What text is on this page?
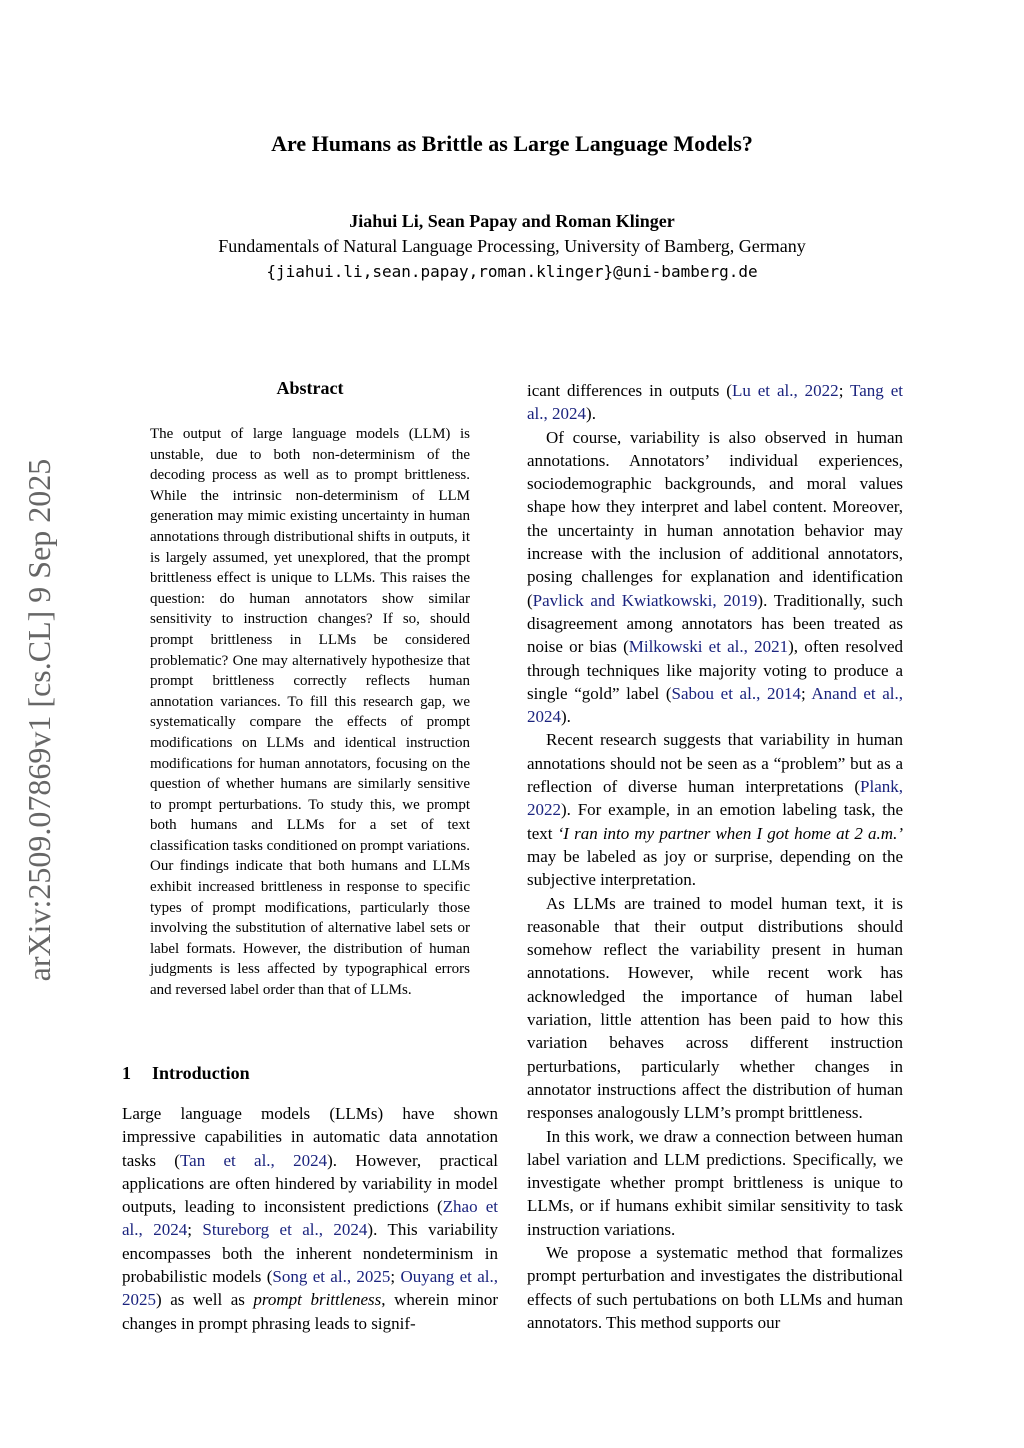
Are Humans as Brittle as Large Language Models?
Jiahui Li, Sean Papay and Roman Klinger
Fundamentals of Natural Language Processing, University of Bamberg, Germany
{jiahui.li,sean.papay,roman.klinger}@uni-bamberg.de
arXiv:2509.07869v1 [cs.CL] 9 Sep 2025
Abstract
The output of large language models (LLM) is unstable, due to both non-determinism of the decoding process as well as to prompt brittleness. While the intrinsic non-determinism of LLM generation may mimic existing uncertainty in human annotations through distributional shifts in outputs, it is largely assumed, yet unexplored, that the prompt brittleness effect is unique to LLMs. This raises the question: do human annotators show similar sensitivity to instruction changes? If so, should prompt brittleness in LLMs be considered problematic? One may alternatively hypothesize that prompt brittleness correctly reflects human annotation variances. To fill this research gap, we systematically compare the effects of prompt modifications on LLMs and identical instruction modifications for human annotators, focusing on the question of whether humans are similarly sensitive to prompt perturbations. To study this, we prompt both humans and LLMs for a set of text classification tasks conditioned on prompt variations. Our findings indicate that both humans and LLMs exhibit increased brittleness in response to specific types of prompt modifications, particularly those involving the substitution of alternative label sets or label formats. However, the distribution of human judgments is less affected by typographical errors and reversed label order than that of LLMs.
1 Introduction

Large language models (LLMs) have shown impressive capabilities in automatic data annotation tasks (Tan et al., 2024). However, practical applications are often hindered by variability in model outputs, leading to inconsistent predictions (Zhao et al., 2024; Stureborg et al., 2024). This variability encompasses both the inherent nondeterminism in probabilistic models (Song et al., 2025; Ouyang et al., 2025) as well as prompt brittleness, wherein minor changes in prompt phrasing leads to signif-

icant differences in outputs (Lu et al., 2022; Tang et al., 2024).

Of course, variability is also observed in human annotations. Annotators’ individual experiences, sociodemographic backgrounds, and moral values shape how they interpret and label content. Moreover, the uncertainty in human annotation behavior may increase with the inclusion of additional annotators, posing challenges for explanation and identification (Pavlick and Kwiatkowski, 2019). Traditionally, such disagreement among annotators has been treated as noise or bias (Milkowski et al., 2021), often resolved through techniques like majority voting to produce a single “gold” label (Sabou et al., 2014; Anand et al., 2024).

Recent research suggests that variability in human annotations should not be seen as a “problem” but as a reflection of diverse human interpretations (Plank, 2022). For example, in an emotion labeling task, the text ‘I ran into my partner when I got home at 2 a.m.’ may be labeled as joy or surprise, depending on the subjective interpretation.

As LLMs are trained to model human text, it is reasonable that their output distributions should somehow reflect the variability present in human annotations. However, while recent work has acknowledged the importance of human label variation, little attention has been paid to how this variation behaves across different instruction perturbations, particularly whether changes in annotator instructions affect the distribution of human responses analogously LLM’s prompt brittleness.

In this work, we draw a connection between human label variation and LLM predictions. Specifically, we investigate whether prompt brittleness is unique to LLMs, or if humans exhibit similar sensitivity to task instruction variations.

We propose a systematic method that formalizes prompt perturbation and investigates the distributional effects of such pertubations on both LLMs and human annotators. This method supports our
